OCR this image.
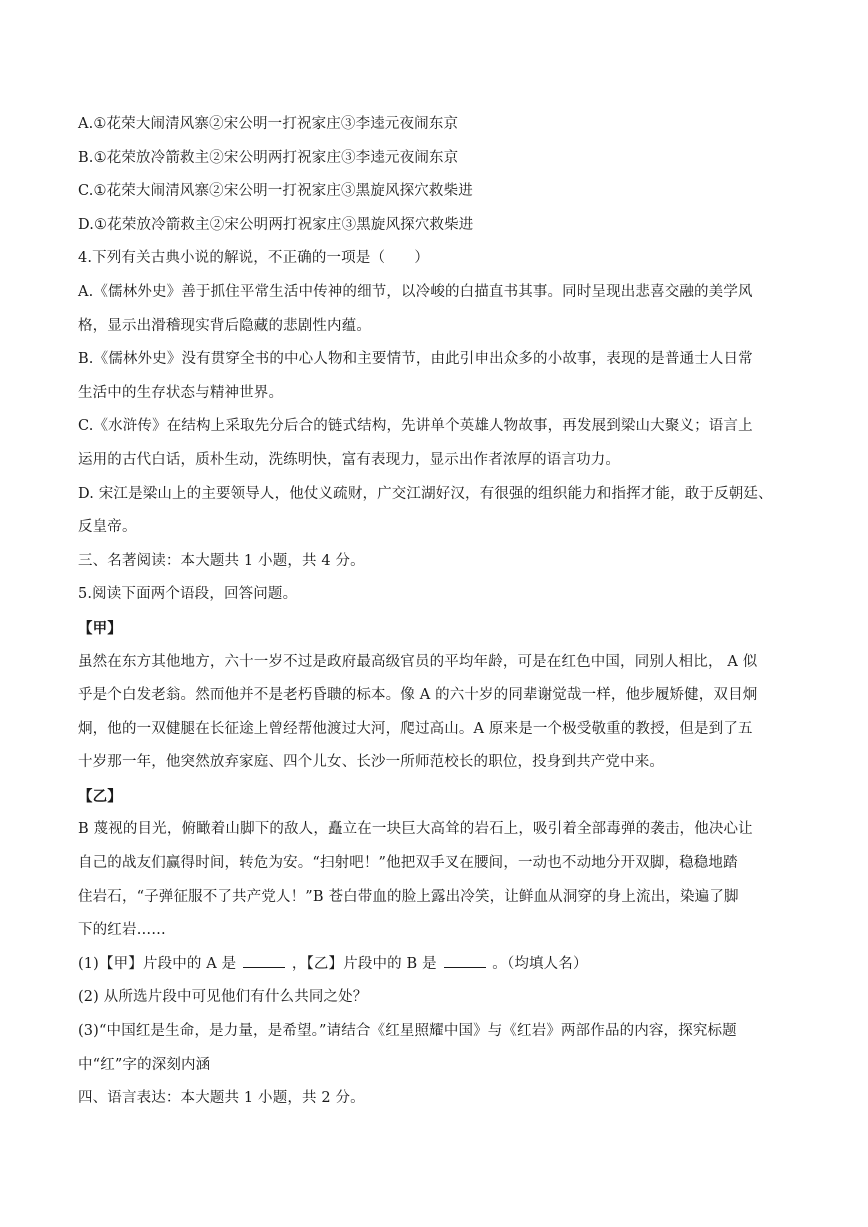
A.①花荣大闹清风寨②宋公明一打祝家庄③李逵元夜闹东京
B.①花荣放冷箭救主②宋公明两打祝家庄③李逵元夜闹东京
C.①花荣大闹清风寨②宋公明一打祝家庄③黑旋风探穴救柴进
D.①花荣放冷箭救主②宋公明两打祝家庄③黑旋风探穴救柴进
4.下列有关古典小说的解说，不正确的一项是（　　）
A.《儒林外史》善于抓住平常生活中传神的细节，以冷峻的白描直书其事。同时呈现出悲喜交融的美学风
格，显示出滑稽现实背后隐藏的悲剧性内蕴。
B.《儒林外史》没有贯穿全书的中心人物和主要情节，由此引申出众多的小故事，表现的是普通士人日常
生活中的生存状态与精神世界。
C.《水浒传》在结构上采取先分后合的链式结构，先讲单个英雄人物故事，再发展到梁山大聚义；语言上
运用的古代白话，质朴生动，洗练明快，富有表现力，显示出作者浓厚的语言功力。
D. 宋江是梁山上的主要领导人，他仗义疏财，广交江湖好汉，有很强的组织能力和指挥才能，敢于反朝廷、
反皇帝。
三、名著阅读：本大题共 1 小题，共 4 分。
5.阅读下面两个语段，回答问题。
【甲】
虽然在东方其他地方，六十一岁不过是政府最高级官员的平均年龄，可是在红色中国，同别人相比， A 似
乎是个白发老翁。然而他并不是老朽昏聩的标本。像 A 的六十岁的同辈谢觉哉一样，他步履矫健，双目炯
炯，他的一双健腿在长征途上曾经帮他渡过大河，爬过高山。A 原来是一个极受敬重的教授，但是到了五
十岁那一年，他突然放弃家庭、四个儿女、长沙一所师范校长的职位，投身到共产党中来。
【乙】
B 蔑视的目光，俯瞰着山脚下的敌人，矗立在一块巨大高耸的岩石上，吸引着全部毒弹的袭击，他决心让
自己的战友们赢得时间，转危为安。“扫射吧！”他把双手叉在腰间，一动也不动地分开双脚，稳稳地踏
住岩石，“子弹征服不了共产党人！”B 苍白带血的脸上露出冷笑，让鲜血从洞穿的身上流出，染遍了脚
下的红岩……
(1)【甲】片段中的 A 是	，【乙】片段中的 B 是	。（均填人名）
(2) 从所选片段中可见他们有什么共同之处？
(3)“中国红是生命，是力量，是希望。”请结合《红星照耀中国》与《红岩》两部作品的内容，探究标题
中“红”字的深刻内涵
四、语言表达：本大题共 1 小题，共 2 分。
